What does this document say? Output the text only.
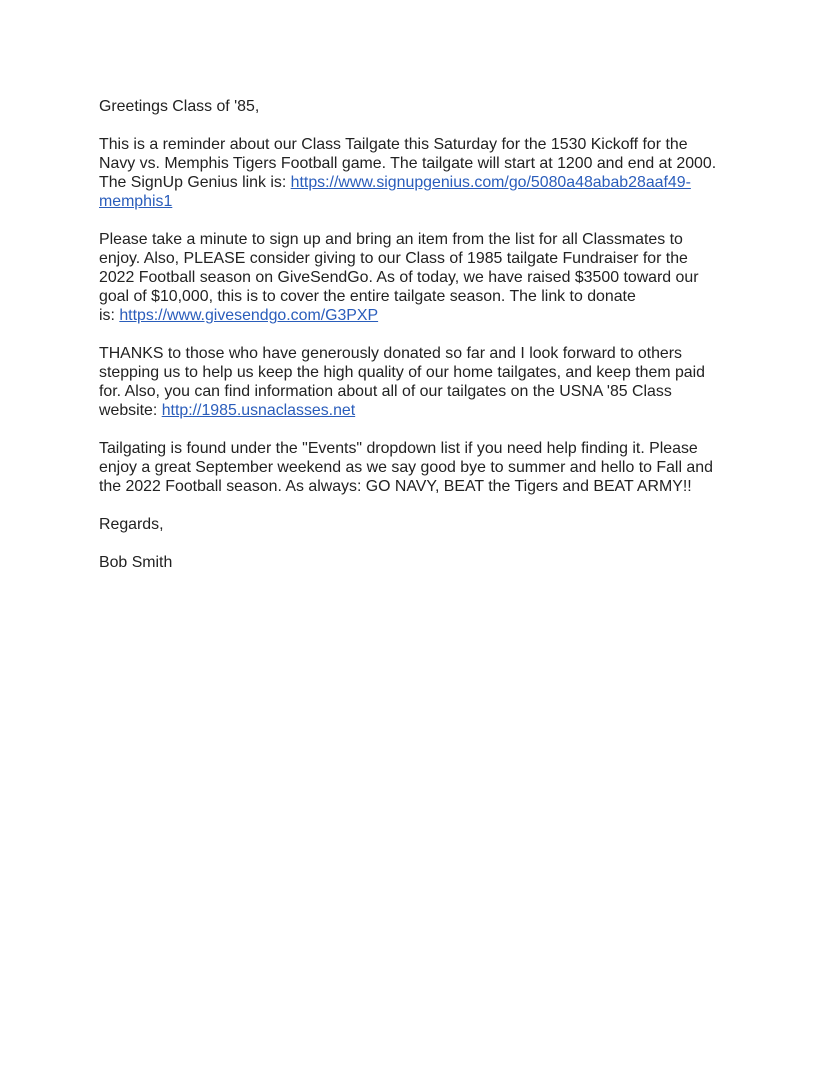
Greetings Class of '85,

This is a reminder about our Class Tailgate this Saturday for the 1530 Kickoff for the
Navy vs. Memphis Tigers Football game. The tailgate will start at 1200 and end at 2000.
The SignUp Genius link is: https://www.signupgenius.com/go/5080a48abab28aaf49-
memphis1

Please take a minute to sign up and bring an item from the list for all Classmates to
enjoy. Also, PLEASE consider giving to our Class of 1985 tailgate Fundraiser for the
2022 Football season on GiveSendGo. As of today, we have raised $3500 toward our
goal of $10,000, this is to cover the entire tailgate season. The link to donate
is: https://www.givesendgo.com/G3PXP

THANKS to those who have generously donated so far and I look forward to others
stepping us to help us keep the high quality of our home tailgates, and keep them paid
for. Also, you can find information about all of our tailgates on the USNA '85 Class
website: http://1985.usnaclasses.net

Tailgating is found under the "Events" dropdown list if you need help finding it. Please
enjoy a great September weekend as we say good bye to summer and hello to Fall and
the 2022 Football season. As always: GO NAVY, BEAT the Tigers and BEAT ARMY!!

Regards,

Bob Smith
